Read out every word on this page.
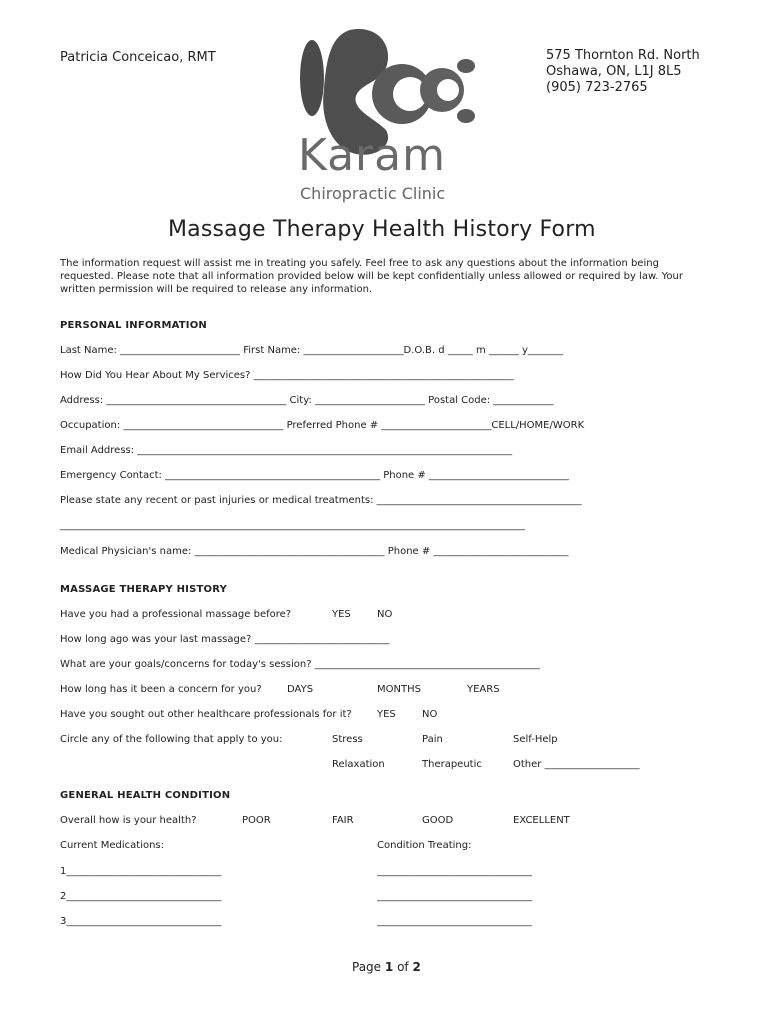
Patricia Conceicao, RMT	575 Thornton Rd. North
Oshawa, ON, L1J 8L5
(905) 723-2765
Karam
Chiropractic Clinic
Massage Therapy Health History Form
The information request will assist me in treating you safely. Feel free to ask any questions about the information being
requested. Please note that all information provided below will be kept confidentially unless allowed or required by law. Your
written permission will be required to release any information.
PERSONAL INFORMATION
Last Name: ________________________ First Name: ____________________D.O.B. d _____ m ______ y_______
How Did You Hear About My Services? ____________________________________________________
Address: ____________________________________ City: ______________________ Postal Code: ____________
Occupation: ________________________________ Preferred Phone # ______________________CELL/HOME/WORK
Email Address: ___________________________________________________________________________
Emergency Contact: ___________________________________________ Phone # ____________________________
Please state any recent or past injuries or medical treatments: _________________________________________
_____________________________________________________________________________________________
Medical Physician's name: ______________________________________ Phone # ___________________________
MASSAGE THERAPY HISTORY
Have you had a professional massage before?	YES	NO
How long ago was your last massage? ___________________________
What are your goals/concerns for today's session? _____________________________________________
How long has it been a concern for you?	DAYS	MONTHS	YEARS
Have you sought out other healthcare professionals for it?	YES	NO
Circle any of the following that apply to you:	Stress	Pain	Self-Help
Relaxation	Therapeutic	Other ___________________
GENERAL HEALTH CONDITION
Overall how is your health?	POOR	FAIR	GOOD	EXCELLENT
Current Medications:	Condition Treating:
1_______________________________	_______________________________
2_______________________________	_______________________________
3_______________________________	_______________________________
Page 1 of 2
